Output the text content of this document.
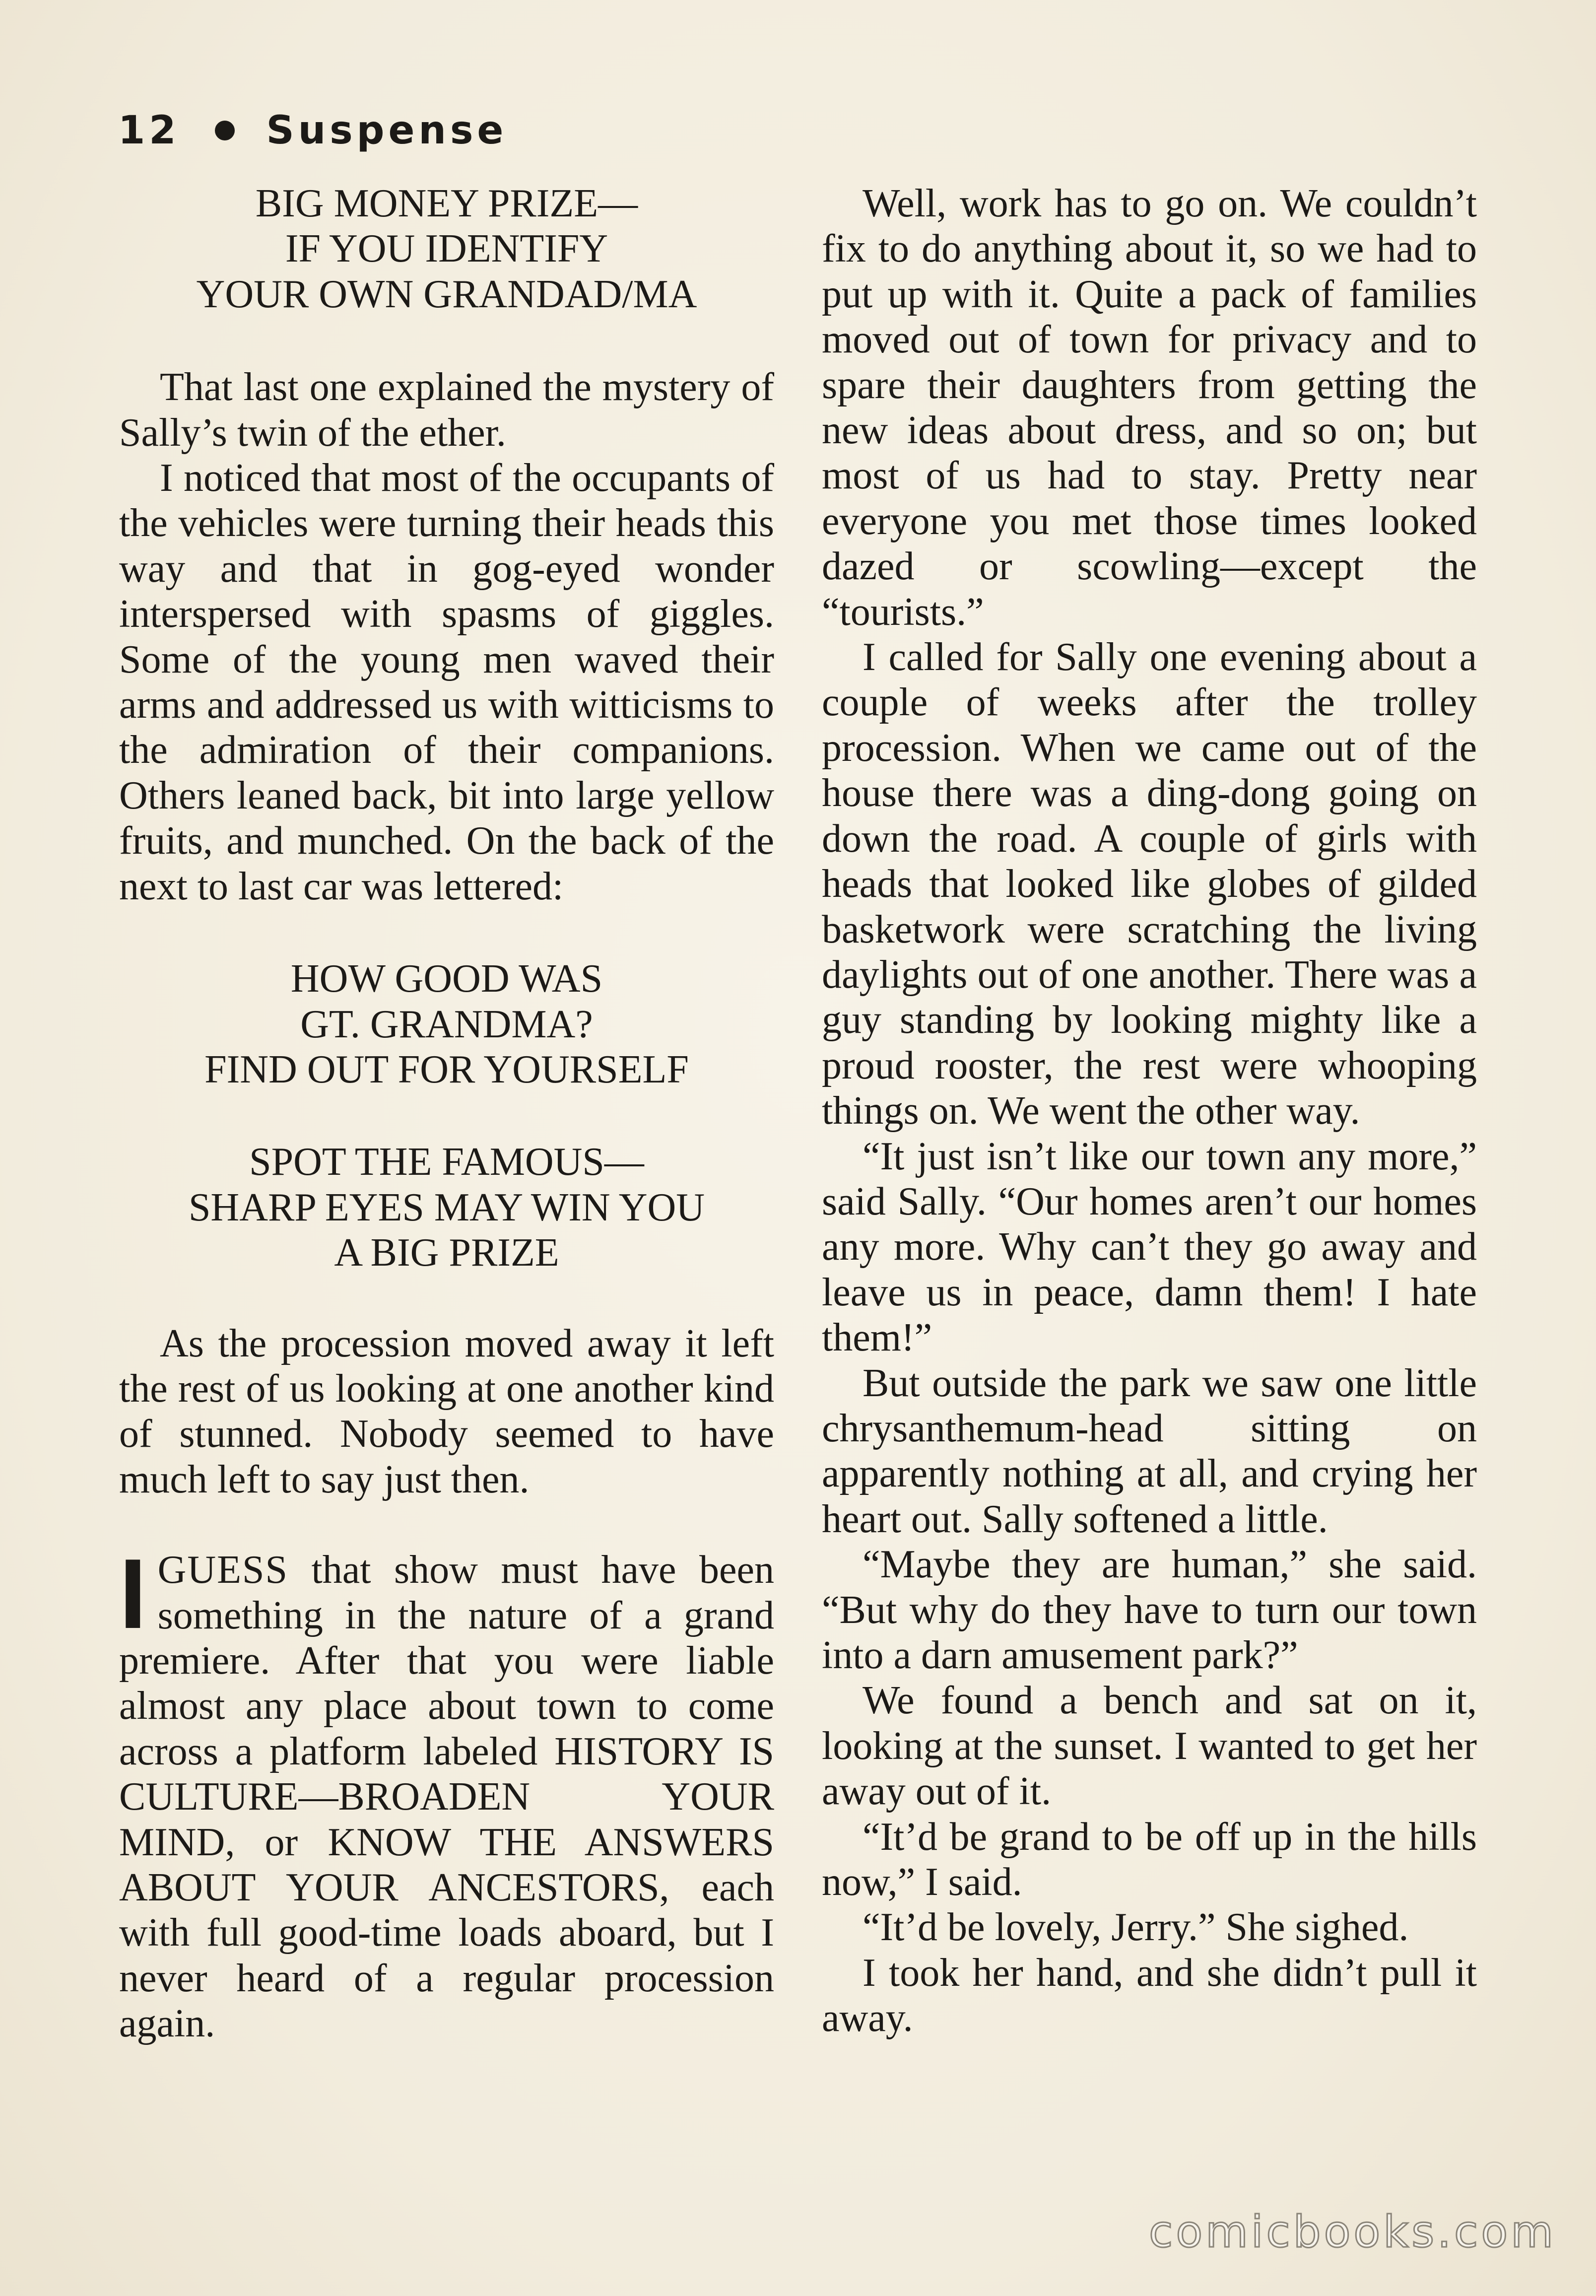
12 Suspense
BIG MONEY PRIZE—
IF YOU IDENTIFY
YOUR OWN GRANDAD/MA

That last one explained the mystery of Sally’s twin of the ether.

I noticed that most of the occupants of the vehicles were turning their heads this way and that in gog-eyed wonder interspersed with spasms of giggles. Some of the young men waved their arms and addressed us with witticisms to the admiration of their companions. Others leaned back, bit into large yellow fruits, and munched. On the back of the next to last car was lettered:

HOW GOOD WAS
GT. GRANDMA?
FIND OUT FOR YOURSELF
SPOT THE FAMOUS—
SHARP EYES MAY WIN YOU
A BIG PRIZE

As the procession moved away it left the rest of us looking at one another kind of stunned. Nobody seemed to have much left to say just then.

IGUESS that show must have been something in the nature of a grand premiere. After that you were liable almost any place about town to come across a platform labeled HISTORY IS CULTURE—BROADEN YOUR MIND, or KNOW THE ANSWERS ABOUT YOUR ANCESTORS, each with full good-time loads aboard, but I never heard of a regular procession again.

Well, work has to go on. We couldn’t fix to do anything about it, so we had to put up with it. Quite a pack of families moved out of town for privacy and to spare their daughters from getting the new ideas about dress, and so on; but most of us had to stay. Pretty near everyone you met those times looked dazed or scowling—except the “tourists.”

I called for Sally one evening about a couple of weeks after the trolley procession. When we came out of the house there was a ding-dong going on down the road. A couple of girls with heads that looked like globes of gilded basketwork were scratching the living daylights out of one another. There was a guy standing by looking mighty like a proud rooster, the rest were whooping things on. We went the other way.

“It just isn’t like our town any more,” said Sally. “Our homes aren’t our homes any more. Why can’t they go away and leave us in peace, damn them! I hate them!”

But outside the park we saw one little chrysanthemum-head sitting on apparently nothing at all, and crying her heart out. Sally softened a little.

“Maybe they are human,” she said. “But why do they have to turn our town into a darn amusement park?”

We found a bench and sat on it, looking at the sunset. I wanted to get her away out of it.

“It’d be grand to be off up in the hills now,” I said.

“It’d be lovely, Jerry.” She sighed.

I took her hand, and she didn’t pull it away.

comicbooks.com
